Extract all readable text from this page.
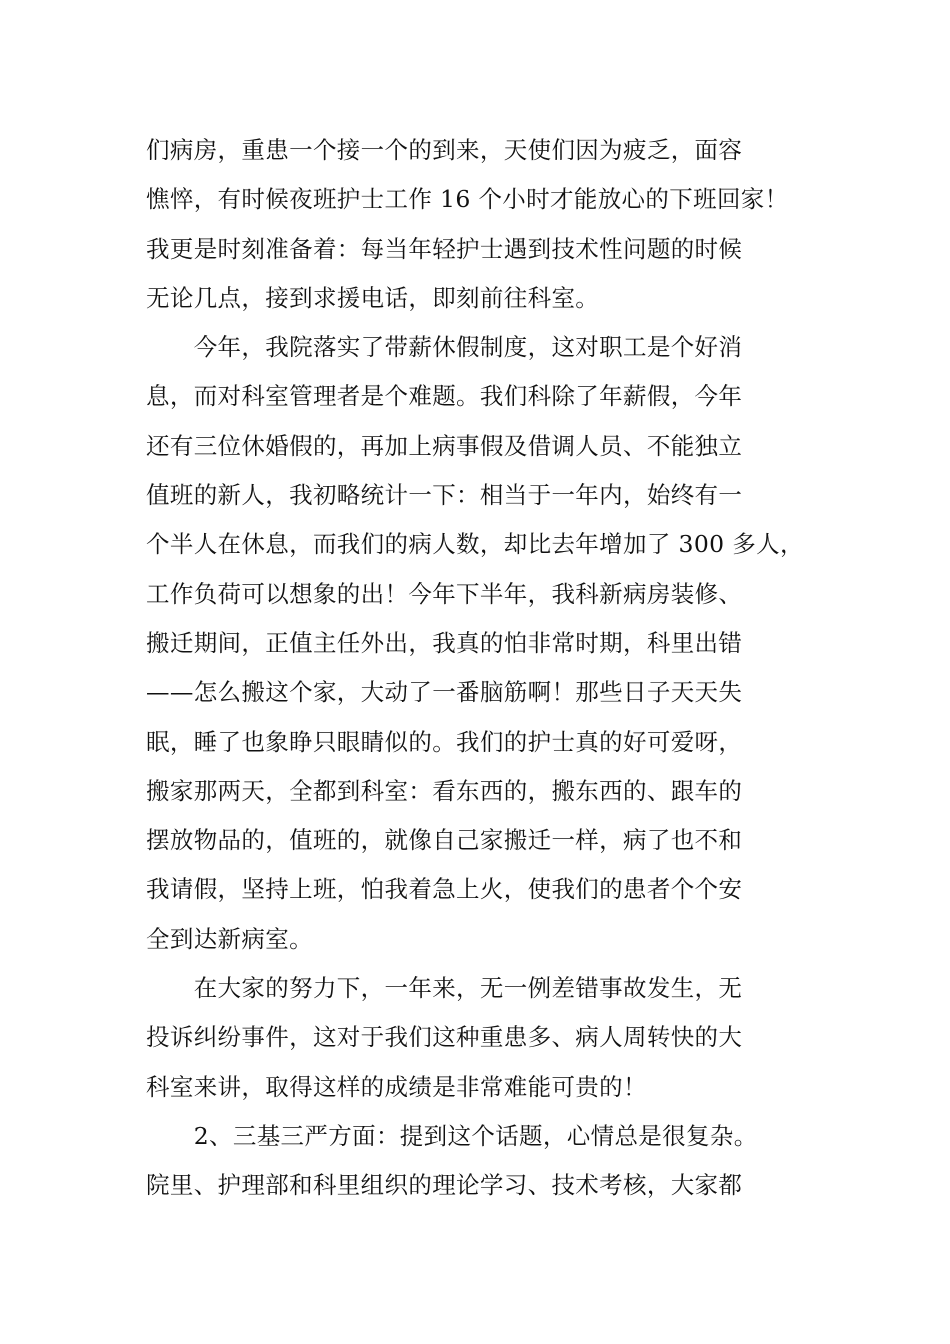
们病房，重患一个接一个的到来，天使们因为疲乏，面容
憔悴，有时候夜班护士工作 16 个小时才能放心的下班回家！
我更是时刻准备着：每当年轻护士遇到技术性问题的时候
无论几点，接到求援电话，即刻前往科室。
　　今年，我院落实了带薪休假制度，这对职工是个好消
息，而对科室管理者是个难题。我们科除了年薪假，今年
还有三位休婚假的，再加上病事假及借调人员、不能独立
值班的新人，我初略统计一下：相当于一年内，始终有一
个半人在休息，而我们的病人数，却比去年增加了 300 多人，
工作负荷可以想象的出！今年下半年，我科新病房装修、
搬迁期间，正值主任外出，我真的怕非常时期，科里出错
——怎么搬这个家，大动了一番脑筋啊！那些日子天天失
眠，睡了也象睁只眼睛似的。我们的护士真的好可爱呀，
搬家那两天，全都到科室：看东西的，搬东西的、跟车的
摆放物品的，值班的，就像自己家搬迁一样，病了也不和
我请假，坚持上班，怕我着急上火，使我们的患者个个安
全到达新病室。
　　在大家的努力下，一年来，无一例差错事故发生，无
投诉纠纷事件，这对于我们这种重患多、病人周转快的大
科室来讲，取得这样的成绩是非常难能可贵的！
　　2、三基三严方面：提到这个话题，心情总是很复杂。
院里、护理部和科里组织的理论学习、技术考核，大家都
